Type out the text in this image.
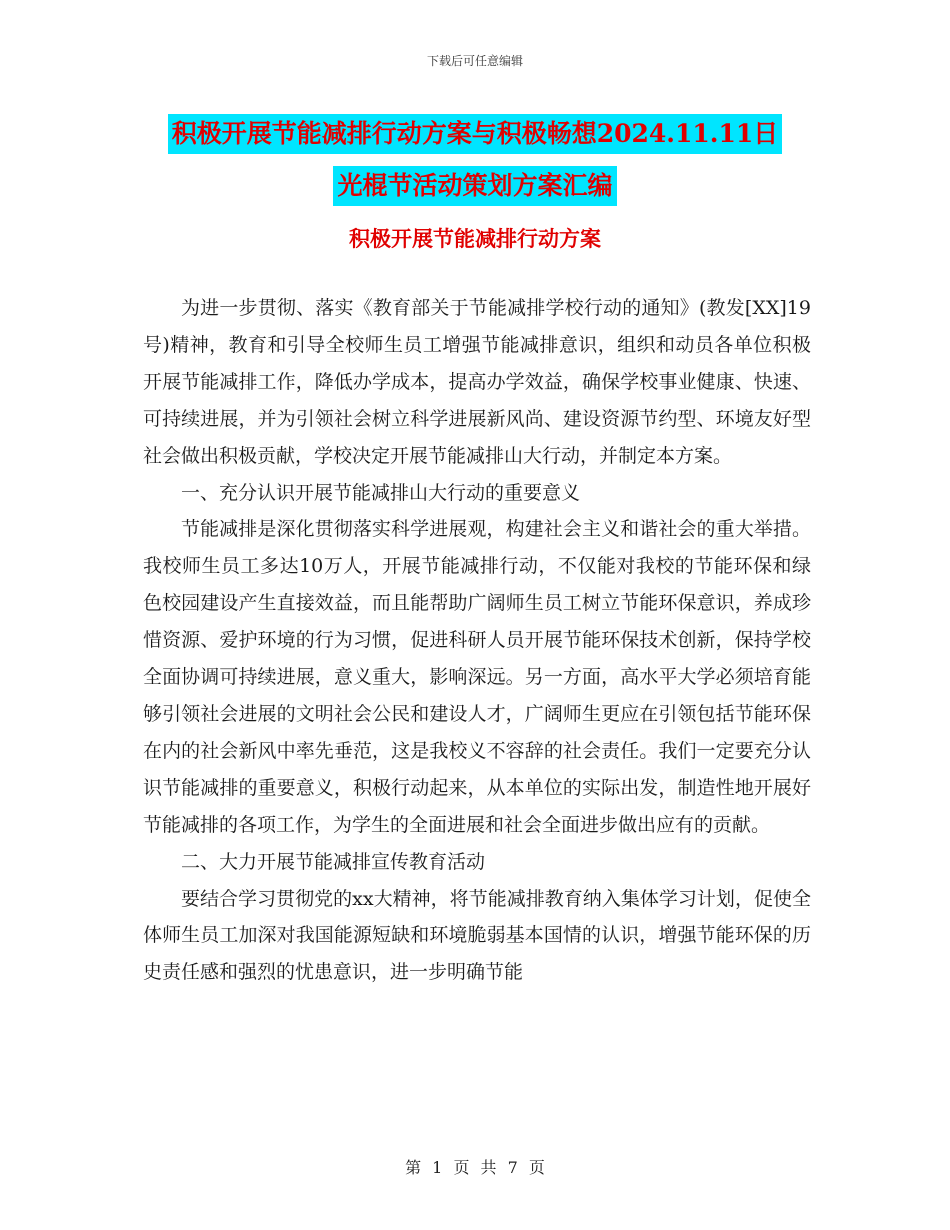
下载后可任意编辑
积极开展节能减排行动方案与积极畅想2024.11.11日
光棍节活动策划方案汇编
积极开展节能减排行动方案

为进一步贯彻、落实《教育部关于节能减排学校行动的通知》(教发[XX]19号)精神，教育和引导全校师生员工增强节能减排意识，组织和动员各单位积极开展节能减排工作，降低办学成本，提高办学效益，确保学校事业健康、快速、可持续进展，并为引领社会树立科学进展新风尚、建设资源节约型、环境友好型社会做出积极贡献，学校决定开展节能减排山大行动，并制定本方案。

一、充分认识开展节能减排山大行动的重要意义

节能减排是深化贯彻落实科学进展观，构建社会主义和谐社会的重大举措。我校师生员工多达10万人，开展节能减排行动，不仅能对我校的节能环保和绿色校园建设产生直接效益，而且能帮助广阔师生员工树立节能环保意识，养成珍惜资源、爱护环境的行为习惯，促进科研人员开展节能环保技术创新，保持学校全面协调可持续进展，意义重大，影响深远。另一方面，高水平大学必须培育能够引领社会进展的文明社会公民和建设人才，广阔师生更应在引领包括节能环保在内的社会新风中率先垂范，这是我校义不容辞的社会责任。我们一定要充分认识节能减排的重要意义，积极行动起来，从本单位的实际出发，制造性地开展好节能减排的各项工作，为学生的全面进展和社会全面进步做出应有的贡献。

二、大力开展节能减排宣传教育活动

要结合学习贯彻党的xx大精神，将节能减排教育纳入集体学习计划，促使全体师生员工加深对我国能源短缺和环境脆弱基本国情的认识，增强节能环保的历史责任感和强烈的忧患意识，进一步明确节能

第 1 页 共 7 页
